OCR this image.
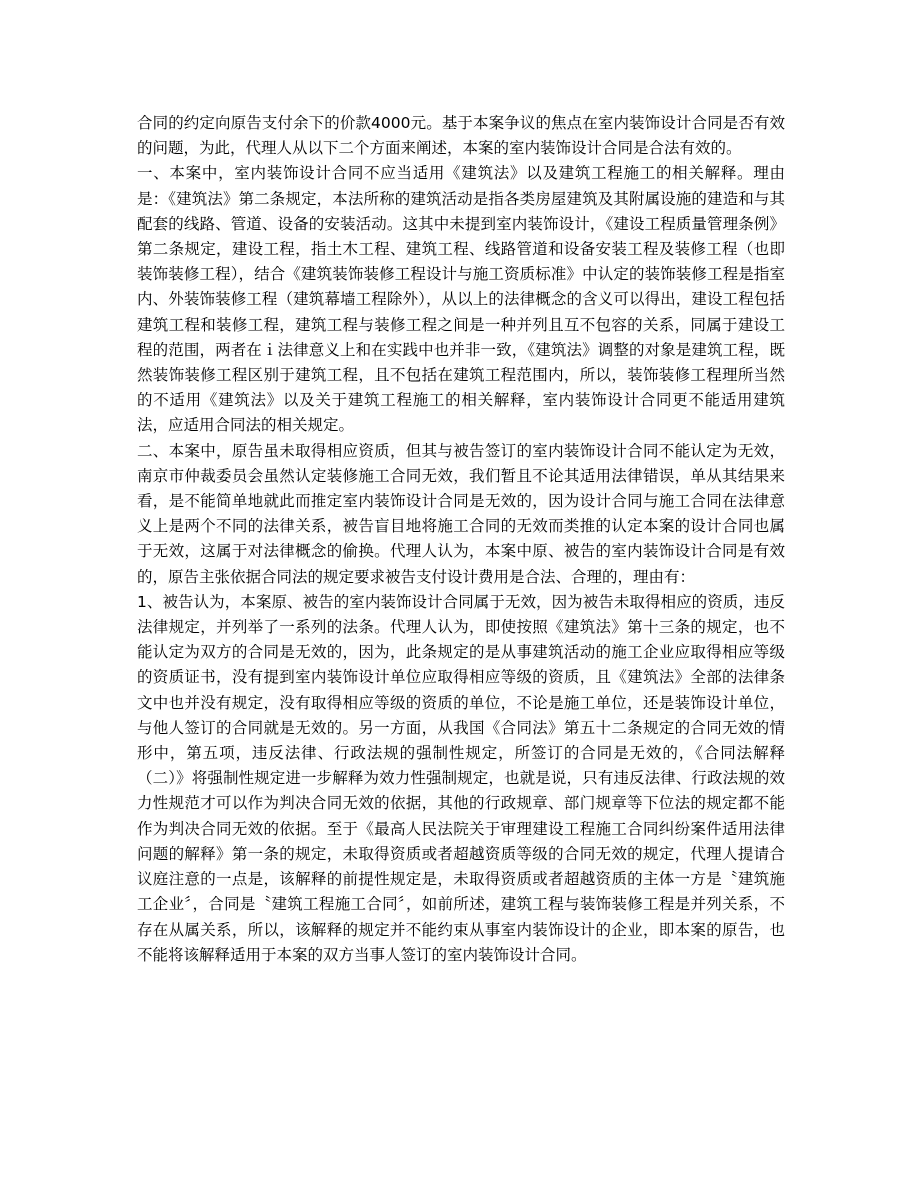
合同的约定向原告支付余下的价款4000元。基于本案争议的焦点在室内装饰设计合同是否有效的问题，为此，代理人从以下二个方面来阐述，本案的室内装饰设计合同是合法有效的。

一、本案中，室内装饰设计合同不应当适用《建筑法》以及建筑工程施工的相关解释。理由是：《建筑法》第二条规定，本法所称的建筑活动是指各类房屋建筑及其附属设施的建造和与其配套的线路、管道、设备的安装活动。这其中未提到室内装饰设计，《建设工程质量管理条例》第二条规定，建设工程，指土木工程、建筑工程、线路管道和设备安装工程及装修工程（也即装饰装修工程），结合《建筑装饰装修工程设计与施工资质标准》中认定的装饰装修工程是指室内、外装饰装修工程（建筑幕墙工程除外），从以上的法律概念的含义可以得出，建设工程包括建筑工程和装修工程，建筑工程与装修工程之间是一种并列且互不包容的关系，同属于建设工程的范围，两者在ｉ法律意义上和在实践中也并非一致，《建筑法》调整的对象是建筑工程，既然装饰装修工程区别于建筑工程，且不包括在建筑工程范围内，所以，装饰装修工程理所当然的不适用《建筑法》以及关于建筑工程施工的相关解释，室内装饰设计合同更不能适用建筑法，应适用合同法的相关规定。

二、本案中，原告虽未取得相应资质，但其与被告签订的室内装饰设计合同不能认定为无效，南京市仲裁委员会虽然认定装修施工合同无效，我们暂且不论其适用法律错误，单从其结果来看，是不能简单地就此而推定室内装饰设计合同是无效的，因为设计合同与施工合同在法律意义上是两个不同的法律关系，被告盲目地将施工合同的无效而类推的认定本案的设计合同也属于无效，这属于对法律概念的偷换。代理人认为，本案中原、被告的室内装饰设计合同是有效的，原告主张依据合同法的规定要求被告支付设计费用是合法、合理的，理由有：

1、被告认为，本案原、被告的室内装饰设计合同属于无效，因为被告未取得相应的资质，违反法律规定，并列举了一系列的法条。代理人认为，即使按照《建筑法》第十三条的规定，也不能认定为双方的合同是无效的，因为，此条规定的是从事建筑活动的施工企业应取得相应等级的资质证书，没有提到室内装饰设计单位应取得相应等级的资质，且《建筑法》全部的法律条文中也并没有规定，没有取得相应等级的资质的单位，不论是施工单位，还是装饰设计单位，与他人签订的合同就是无效的。另一方面，从我国《合同法》第五十二条规定的合同无效的情形中，第五项，违反法律、行政法规的强制性规定，所签订的合同是无效的，《合同法解释（二）》将强制性规定进一步解释为效力性强制规定，也就是说，只有违反法律、行政法规的效力性规范才可以作为判决合同无效的依据，其他的行政规章、部门规章等下位法的规定都不能作为判决合同无效的依据。至于《最高人民法院关于审理建设工程施工合同纠纷案件适用法律问题的解释》第一条的规定，未取得资质或者超越资质等级的合同无效的规定，代理人提请合议庭注意的一点是，该解释的前提性规定是，未取得资质或者超越资质的主体一方是〝建筑施工企业〞，合同是〝建筑工程施工合同〞，如前所述，建筑工程与装饰装修工程是并列关系，不存在从属关系，所以，该解释的规定并不能约束从事室内装饰设计的企业，即本案的原告，也不能将该解释适用于本案的双方当事人签订的室内装饰设计合同。
